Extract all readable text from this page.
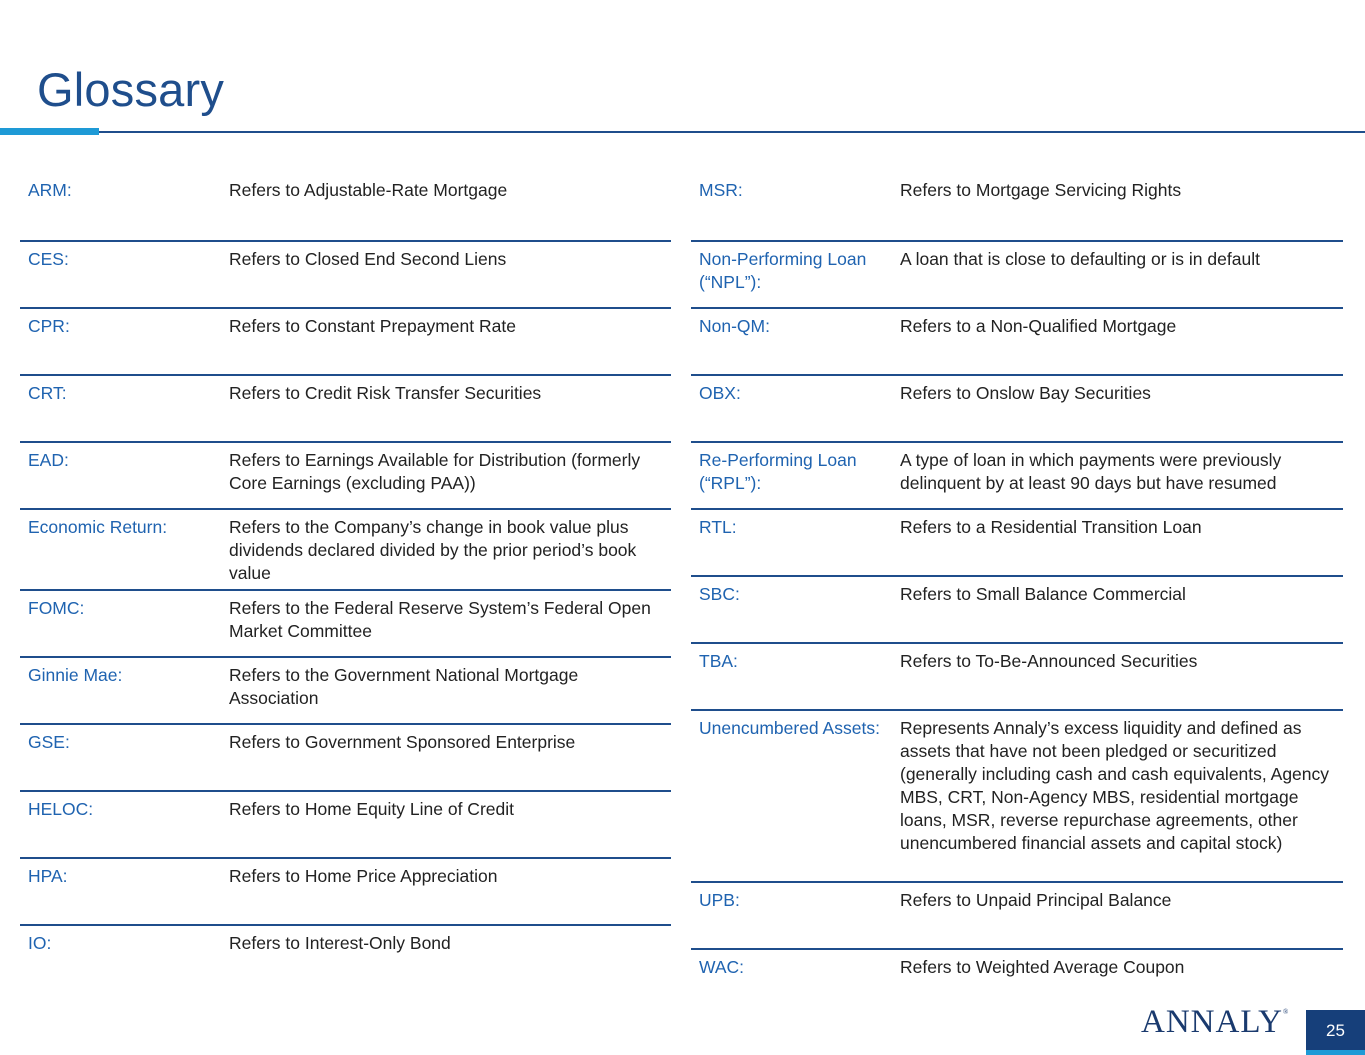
Glossary
ARM:	Refers to Adjustable-Rate Mortgage
CES:	Refers to Closed End Second Liens
CPR:	Refers to Constant Prepayment Rate
CRT:	Refers to Credit Risk Transfer Securities
EAD:	Refers to Earnings Available for Distribution (formerly Core Earnings (excluding PAA))
Economic Return:	Refers to the Company’s change in book value plus dividends declared divided by the prior period’s book value
FOMC:	Refers to the Federal Reserve System’s Federal Open Market Committee
Ginnie Mae:	Refers to the Government National Mortgage Association
GSE:	Refers to Government Sponsored Enterprise
HELOC:	Refers to Home Equity Line of Credit
HPA:	Refers to Home Price Appreciation
IO:	Refers to Interest-Only Bond
MSR:	Refers to Mortgage Servicing Rights
Non-Performing Loan (“NPL”):
A loan that is close to defaulting or is in default
Non-QM:	Refers to a Non-Qualified Mortgage
OBX:	Refers to Onslow Bay Securities
Re-Performing Loan (“RPL”):
A type of loan in which payments were previously delinquent by at least 90 days but have resumed
RTL:	Refers to a Residential Transition Loan
SBC:	Refers to Small Balance Commercial
TBA:	Refers to To-Be-Announced Securities
Unencumbered Assets:	Represents Annaly’s excess liquidity and defined as assets that have not been pledged or securitized (generally including cash and cash equivalents, Agency MBS, CRT, Non-Agency MBS, residential mortgage loans, MSR, reverse repurchase agreements, other unencumbered financial assets and capital stock)
UPB:	Refers to Unpaid Principal Balance
WAC:	Refers to Weighted Average Coupon
ANNALY®
25
